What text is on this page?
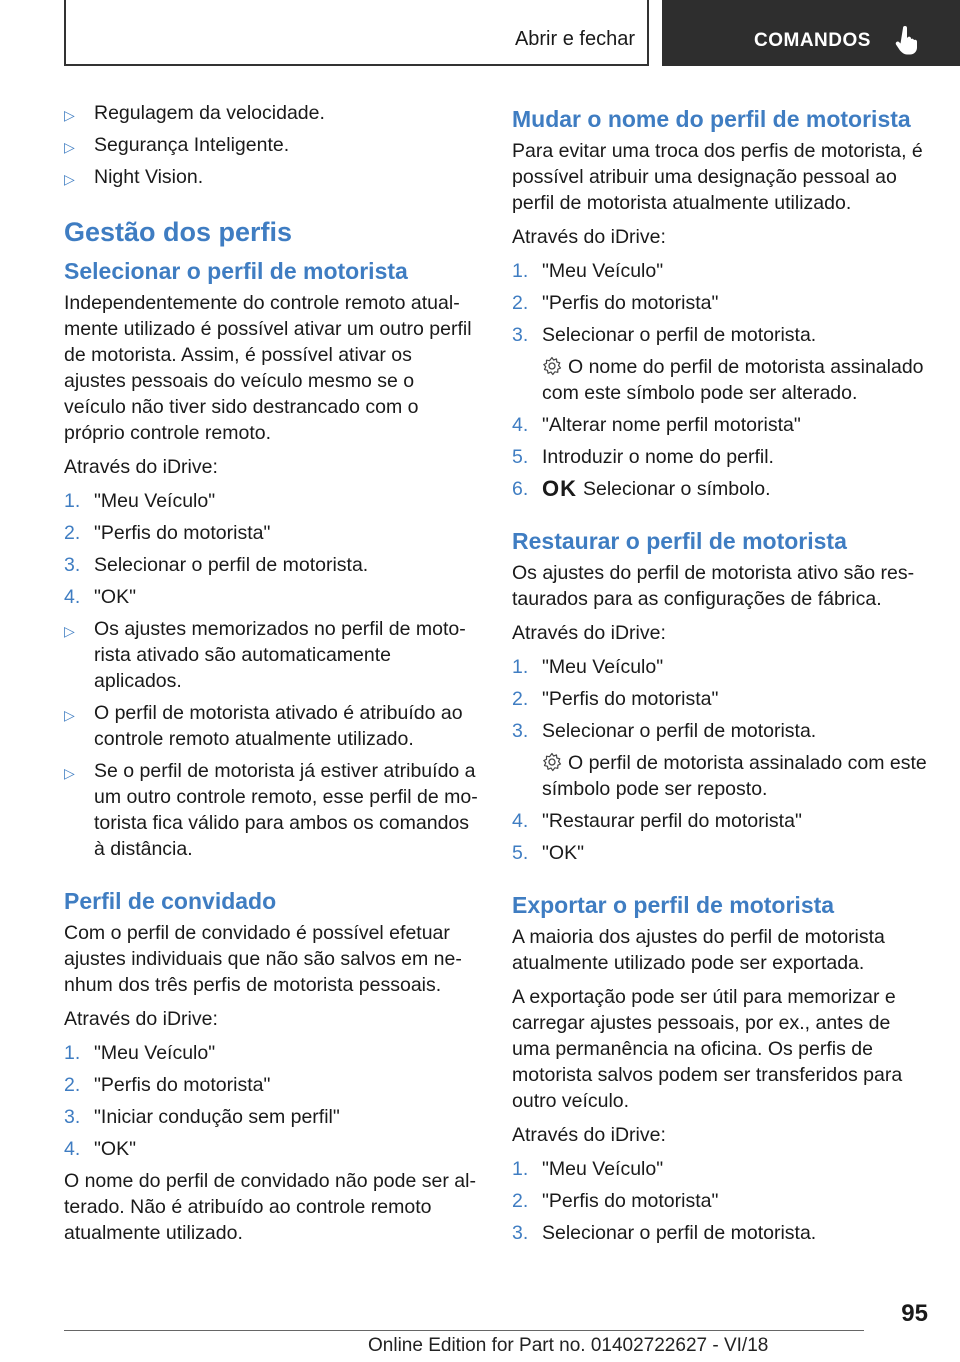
Abrir e fechar	COMANDOS
▷ Regulagem da velocidade.
▷ Segurança Inteligente.
▷ Night Vision.
Gestão dos perfis
Selecionar o perfil de motorista

Independentemente do controle remoto atualmente utilizado é possível ativar um outro perfil de motorista. Assim, é possível ativar os ajustes pessoais do veículo mesmo se o veículo não tiver sido destrancado com o próprio controle remoto.

Através do iDrive:

1. "Meu Veículo"
2. "Perfis do motorista"
3. Selecionar o perfil de motorista.
4. "OK"
▷ Os ajustes memorizados no perfil de motorista ativado são automaticamente aplicados.
▷ O perfil de motorista ativado é atribuído ao controle remoto atualmente utilizado.
▷ Se o perfil de motorista já estiver atribuído a um outro controle remoto, esse perfil de motorista fica válido para ambos os comandos à distância.
Perfil de convidado

Com o perfil de convidado é possível efetuar ajustes individuais que não são salvos em nenhum dos três perfis de motorista pessoais.

Através do iDrive:

1. "Meu Veículo"
2. "Perfis do motorista"
3. "Iniciar condução sem perfil"
4. "OK"

O nome do perfil de convidado não pode ser alterado. Não é atribuído ao controle remoto atualmente utilizado.

Mudar o nome do perfil de motorista

Para evitar uma troca dos perfis de motorista, é possível atribuir uma designação pessoal ao perfil de motorista atualmente utilizado.

Através do iDrive:

1. "Meu Veículo"
2. "Perfis do motorista"
3. Selecionar o perfil de motorista.

O nome do perfil de motorista assinalado com este símbolo pode ser alterado.

4. "Alterar nome perfil motorista"
5. Introduzir o nome do perfil.
6. OK Selecionar o símbolo.
Restaurar o perfil de motorista

Os ajustes do perfil de motorista ativo são restaurados para as configurações de fábrica.

Através do iDrive:

1. "Meu Veículo"
2. "Perfis do motorista"
3. Selecionar o perfil de motorista.

O perfil de motorista assinalado com este símbolo pode ser reposto.

4. "Restaurar perfil do motorista"
5. "OK"
Exportar o perfil de motorista

A maioria dos ajustes do perfil de motorista atualmente utilizado pode ser exportada.

A exportação pode ser útil para memorizar e carregar ajustes pessoais, por ex., antes de uma permanência na oficina. Os perfis de motorista salvos podem ser transferidos para outro veículo.

Através do iDrive:

1. "Meu Veículo"
2. "Perfis do motorista"
3. Selecionar o perfil de motorista.
95
Online Edition for Part no. 01402722627 - VI/18
